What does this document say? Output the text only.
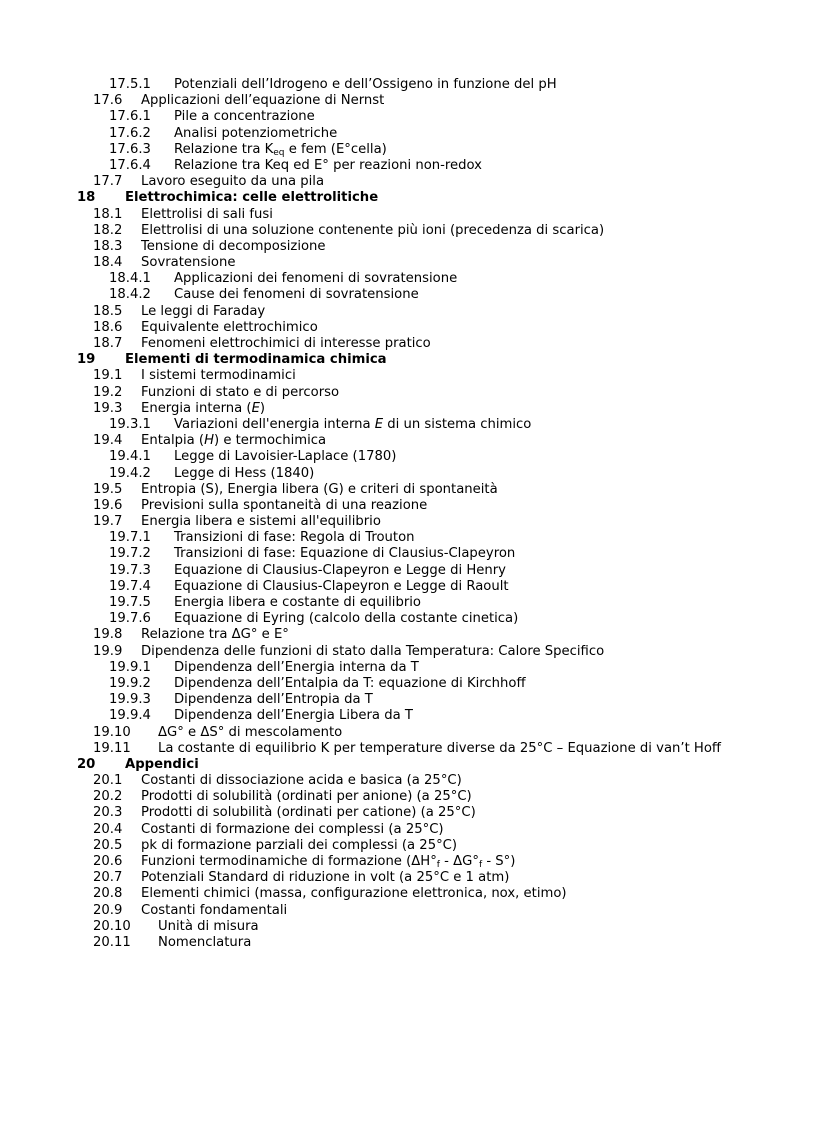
17.5.1 Potenziali dell’Idrogeno e dell’Ossigeno in funzione del pH
17.6 Applicazioni dell’equazione di Nernst
17.6.1 Pile a concentrazione
17.6.2 Analisi potenziometriche
17.6.3 Relazione tra $K_{eq}$ e fem (E°cella)
17.6.4 Relazione tra Keq ed E° per reazioni non-redox
17.7 Lavoro eseguito da una pila
18 Elettrochimica: celle elettrolitiche
18.1 Elettrolisi di sali fusi
18.2 Elettrolisi di una soluzione contenente più ioni (precedenza di scarica)
18.3 Tensione di decomposizione
18.4 Sovratensione
18.4.1 Applicazioni dei fenomeni di sovratensione
18.4.2 Cause dei fenomeni di sovratensione
18.5 Le leggi di Faraday
18.6 Equivalente elettrochimico
18.7 Fenomeni elettrochimici di interesse pratico
19 Elementi di termodinamica chimica
19.1 I sistemi termodinamici
19.2 Funzioni di stato e di percorso
19.3 Energia interna (E)
19.3.1 Variazioni dell'energia interna E di un sistema chimico
19.4 Entalpia (H) e termochimica
19.4.1 Legge di Lavoisier-Laplace (1780)
19.4.2 Legge di Hess (1840)
19.5 Entropia (S), Energia libera (G) e criteri di spontaneità
19.6 Previsioni sulla spontaneità di una reazione
19.7 Energia libera e sistemi all'equilibrio
19.7.1 Transizioni di fase: Regola di Trouton
19.7.2 Transizioni di fase: Equazione di Clausius-Clapeyron
19.7.3 Equazione di Clausius-Clapeyron e Legge di Henry
19.7.4 Equazione di Clausius-Clapeyron e Legge di Raoult
19.7.5 Energia libera e costante di equilibrio
19.7.6 Equazione di Eyring (calcolo della costante cinetica)
19.8 Relazione tra ΔG° e E°
19.9 Dipendenza delle funzioni di stato dalla Temperatura: Calore Specifico
19.9.1 Dipendenza dell’Energia interna da T
19.9.2 Dipendenza dell’Entalpia da T: equazione di Kirchhoff
19.9.3 Dipendenza dell’Entropia da T
19.9.4 Dipendenza dell’Energia Libera da T
19.10 ΔG° e ΔS° di mescolamento
19.11 La costante di equilibrio K per temperature diverse da 25°C – Equazione di van’t Hoff
20 Appendici
20.1 Costanti di dissociazione acida e basica (a 25°C)
20.2 Prodotti di solubilità (ordinati per anione) (a 25°C)
20.3 Prodotti di solubilità (ordinati per catione) (a 25°C)
20.4 Costanti di formazione dei complessi (a 25°C)
20.5 pk di formazione parziali dei complessi (a 25°C)
20.6 Funzioni termodinamiche di formazione $(\Delta H^\circ_f - \Delta G^\circ_f - S^\circ)$
20.7 Potenziali Standard di riduzione in volt (a 25°C e 1 atm)
20.8 Elementi chimici (massa, configurazione elettronica, nox, etimo)
20.9 Costanti fondamentali
20.10 Unità di misura
20.11 Nomenclatura
